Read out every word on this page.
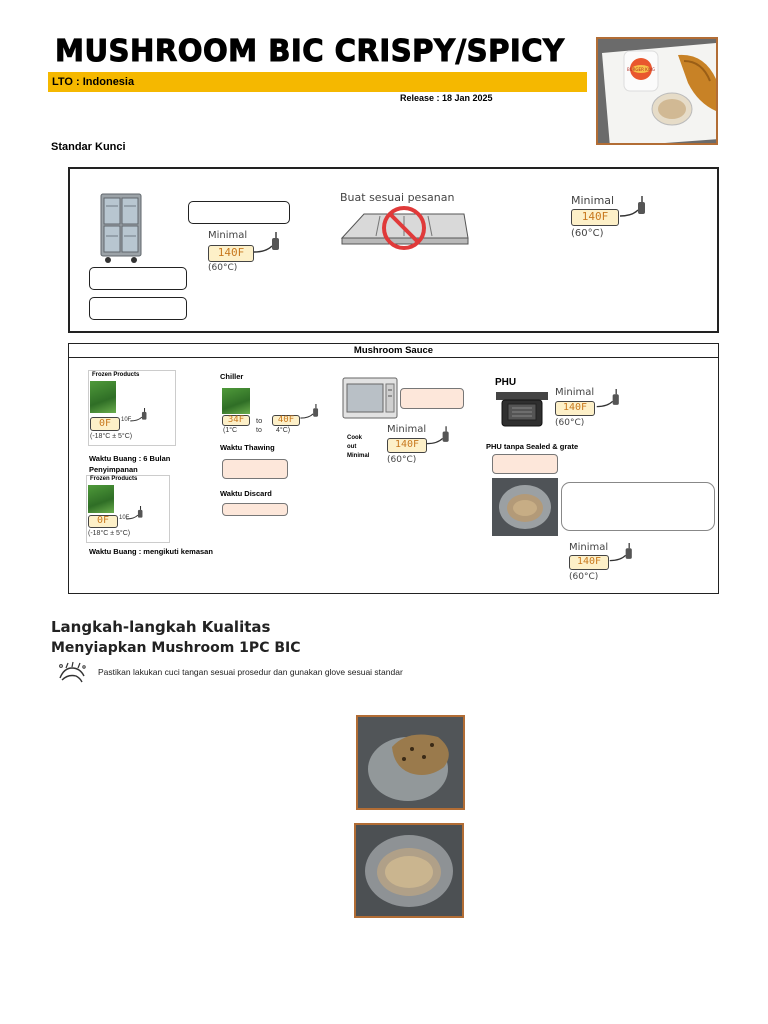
MUSHROOM BIC CRISPY/SPICY
LTO : Indonesia
Release : 18 Jan 2025
BURGER KING
Standar Kunci
Minimal
140F
(60°C)
Buat sesuai pesanan	Minimal
140F
(60°C)
Mushroom Sauce
Frozen Products
0F	10F
(-18°C ± 5°C)
Waktu Buang : 6 Bulan
Penyimpanan
Frozen Products
0F	10F
(-18°C ± 5°C)
Waktu Buang : mengikuti kemasan
Chiller
34F	to	40F
(1°C	to 4°C)
Waktu Thawing
Waktu Discard
Cook
out
Minimal
Minimal
140F
(60°C)
PHU
Minimal
140F
(60°C)
PHU tanpa Sealed & grate
Minimal
140F
(60°C)
Langkah-langkah Kualitas
Menyiapkan Mushroom 1PC BIC
Pastikan lakukan cuci tangan sesuai prosedur dan gunakan glove sesuai standar
